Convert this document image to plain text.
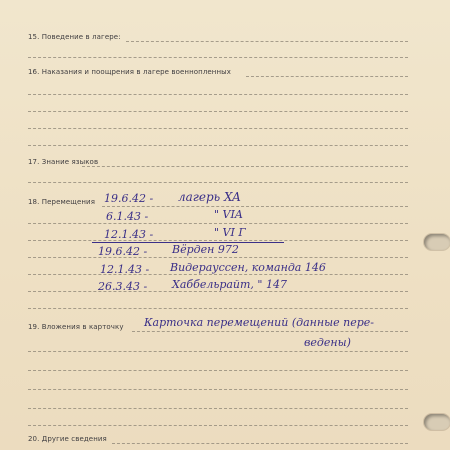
15. Поведение в лагере:
16. Наказания и поощрения в лагере военнопленных
17. Знание языков
18. Перемещения 19.6.42 - лагерь XA
6.1.43 -	" VIA
12.1.43 -	" VI Г
19.6.42 - Вёрден 972
12.1.43 - Видерауссен, команда 146
26.3.43 - Хаббельрайт, " 147
19. Вложения в карточку Карточка перемещений (данные пере-
ведены)
20. Другие сведения
